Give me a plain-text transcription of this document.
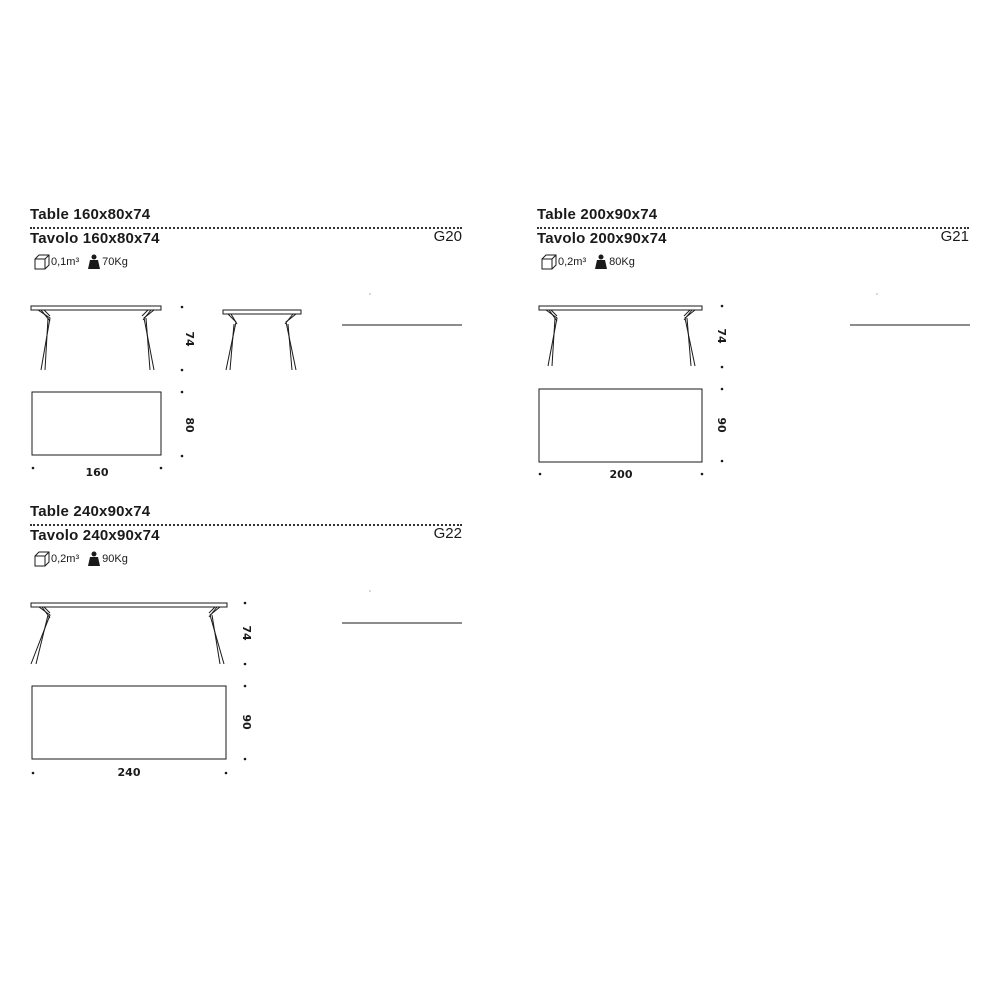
Table 160x80x74
Tavolo 160x80x74	G20
0,1m³ 70Kg
74
80
160
Table 200x90x74
Tavolo 200x90x74	G21
0,2m³ 80Kg
74
90
200
Table 240x90x74
Tavolo 240x90x74	G22
0,2m³ 90Kg
74
90
240
